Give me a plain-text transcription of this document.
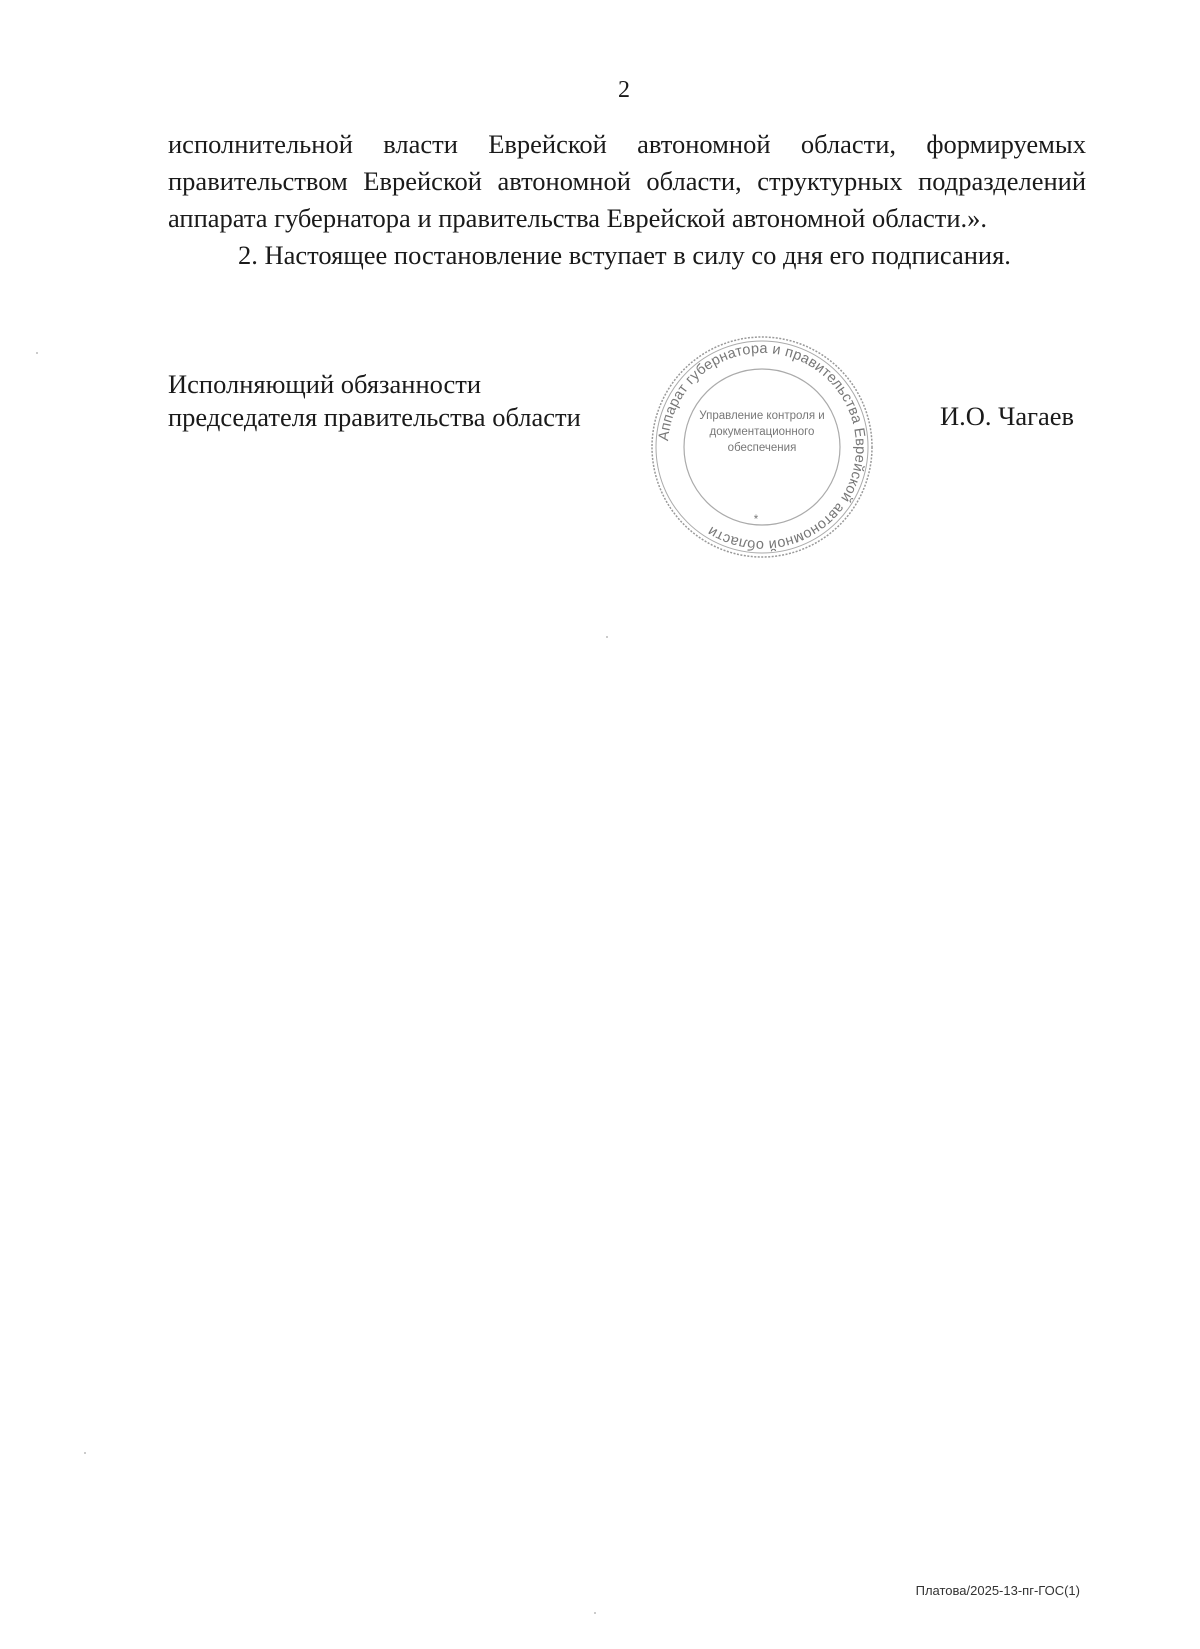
2

исполнительной власти Еврейской автономной области, формируемых

правительством Еврейской автономной области, структурных подразделений

аппарата губернатора и правительства Еврейской автономной области.».

2. Настоящее постановление вступает в силу со дня его подписания.

Исполняющий обязанности
председателя правительства области
Аппарат губернатора и правительства Еврейской автономной области
Управление контроля и
документационного
обеспечения
*
И.О. Чагаев
Платова/2025-13-пг-ГОС(1)
